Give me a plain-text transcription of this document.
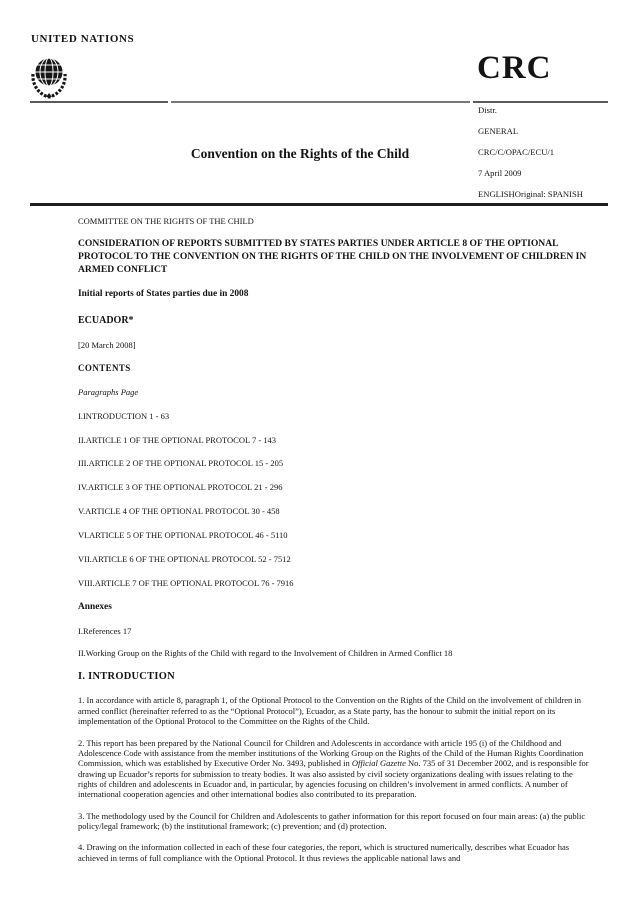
UNITED NATIONS
CRC
Convention on the Rights of the Child
Distr.
GENERAL
CRC/C/OPAC/ECU/1
7 April 2009
ENGLISHOriginal: SPANISH
COMMITTEE ON THE RIGHTS OF THE CHILD
CONSIDERATION OF REPORTS SUBMITTED BY STATES PARTIES UNDER ARTICLE 8 OF THE OPTIONAL PROTOCOL TO THE CONVENTION ON THE RIGHTS OF THE CHILD ON THE INVOLVEMENT OF CHILDREN IN ARMED CONFLICT
Initial reports of States parties due in 2008
ECUADOR*
[20 March 2008]
CONTENTS
Paragraphs Page
I.INTRODUCTION 1 - 63
II.ARTICLE 1 OF THE OPTIONAL PROTOCOL 7 - 143
III.ARTICLE 2 OF THE OPTIONAL PROTOCOL 15 - 205
IV.ARTICLE 3 OF THE OPTIONAL PROTOCOL 21 - 296
V.ARTICLE 4 OF THE OPTIONAL PROTOCOL 30 - 458
VI.ARTICLE 5 OF THE OPTIONAL PROTOCOL 46 - 5110
VII.ARTICLE 6 OF THE OPTIONAL PROTOCOL 52 - 7512
VIII.ARTICLE 7 OF THE OPTIONAL PROTOCOL 76 - 7916
Annexes
I.References 17
II.Working Group on the Rights of the Child with regard to the Involvement of Children in Armed Conflict 18
I. INTRODUCTION
1. In accordance with article 8, paragraph 1, of the Optional Protocol to the Convention on the Rights of the Child on the involvement of children in armed conflict (hereinafter referred to as the “Optional Protocol”), Ecuador, as a State party, has the honour to submit the initial report on its implementation of the Optional Protocol to the Committee on the Rights of the Child.
2. This report has been prepared by the National Council for Children and Adolescents in accordance with article 195 (i) of the Childhood and Adolescence Code with assistance from the member institutions of the Working Group on the Rights of the Child of the Human Rights Coordination Commission, which was established by Executive Order No. 3493, published in Official Gazette No. 735 of 31 December 2002, and is responsible for drawing up Ecuador’s reports for submission to treaty bodies. It was also assisted by civil society organizations dealing with issues relating to the rights of children and adolescents in Ecuador and, in particular, by agencies focusing on children’s involvement in armed conflicts. A number of international cooperation agencies and other international bodies also contributed to its preparation.
3. The methodology used by the Council for Children and Adolescents to gather information for this report focused on four main areas: (a) the public policy/legal framework; (b) the institutional framework; (c) prevention; and (d) protection.
4. Drawing on the information collected in each of these four categories, the report, which is structured numerically, describes what Ecuador has achieved in terms of full compliance with the Optional Protocol. It thus reviews the applicable national laws and
